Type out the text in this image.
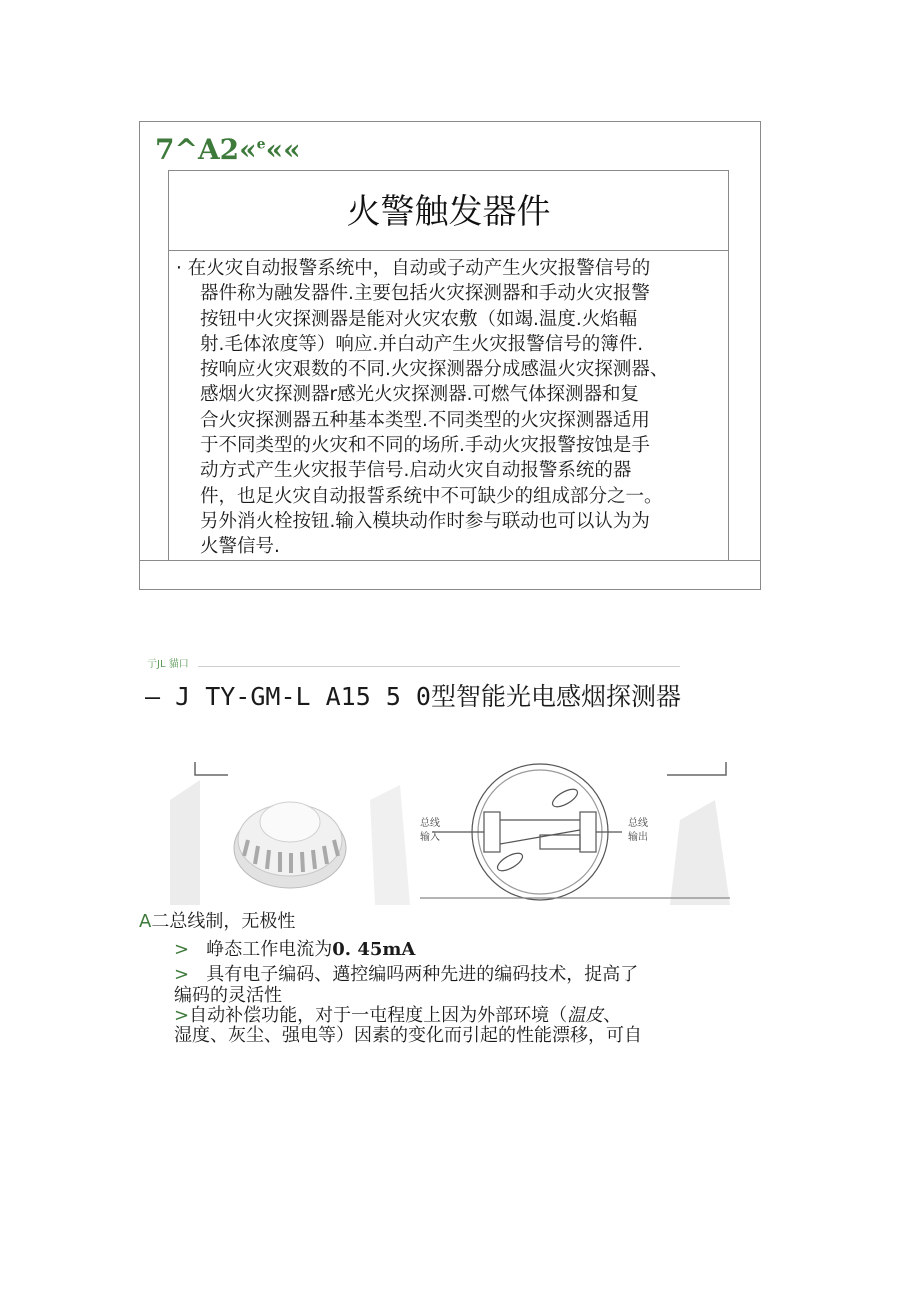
7^A2«$^e$««
火警触发器件
· 在火灾自动报警系统中，自动或子动产生火灾报警信号的
器件称为融发器件.主要包括火灾探测器和手动火灾报警
按钮中火灾探测器是能对火灾农敷（如竭.温度.火焰輻
射.毛体浓度等）响应.并白动产生火灾报警信号的簿件.
按响应火灾艰数的不同.火灾探测器分成感温火灾探测器、
感烟火灾探测器r感光火灾探测器.可燃气体探测器和复
合火灾探测器五种基本类型.不同类型的火灾探测器适用
于不同类型的火灾和不同的场所.手动火灾报警按蚀是手
动方式产生火灾报芋信号.启动火灾自动报警系统的器
件，也足火灾自动报誓系统中不可缺少的组成部分之一。
另外消火栓按钮.输入模块动作时参与联动也可以认为为
火警信号.
亍JL 貓口
— J TY-GM-L A15 5 0型智能光电感烟探测器
总线
输入
总线
输出
A二总线制，无极性
> 峥态工作电流为0. 45mA
> 具有电子编码、邁控编吗两种先进的编码技术，捉高了
编码的灵活性
>自动补偿功能，对于一屯程度上因为外部环境（温皮、
湿度、灰尘、强电等）因素的变化而引起的性能漂移，可自
